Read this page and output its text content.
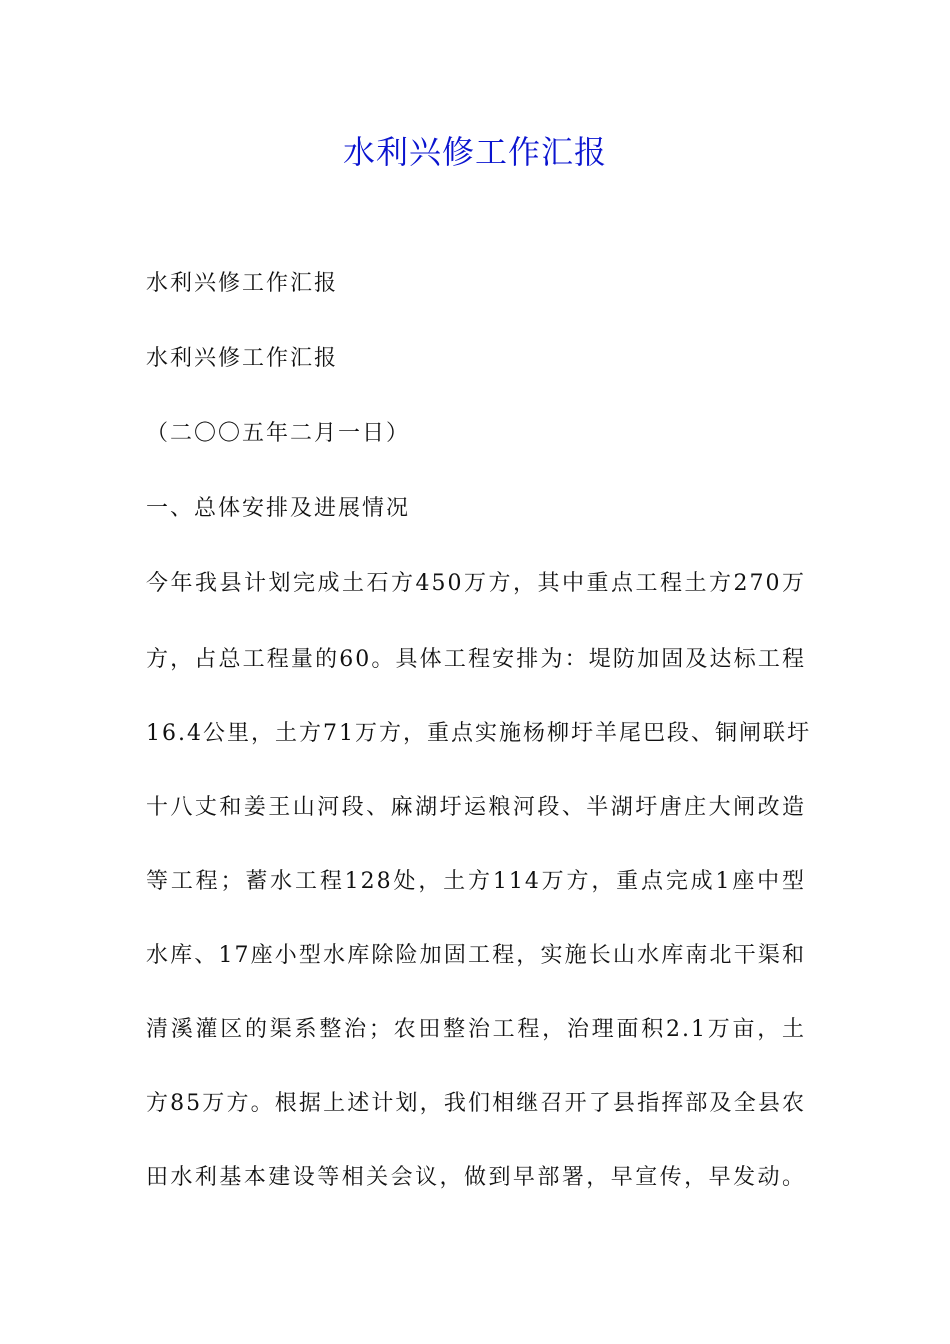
水利兴修工作汇报
水利兴修工作汇报
水利兴修工作汇报
（二〇〇五年二月一日）
一、总体安排及进展情况
今年我县计划完成土石方450万方，其中重点工程土方270万
方，占总工程量的60。具体工程安排为：堤防加固及达标工程
16.4公里，土方71万方，重点实施杨柳圩羊尾巴段、铜闸联圩
十八丈和姜王山河段、麻湖圩运粮河段、半湖圩唐庄大闸改造
等工程；蓄水工程128处，土方114万方，重点完成1座中型
水库、17座小型水库除险加固工程，实施长山水库南北干渠和
清溪灌区的渠系整治；农田整治工程，治理面积2.1万亩，土
方85万方。根据上述计划，我们相继召开了县指挥部及全县农
田水利基本建设等相关会议，做到早部署，早宣传，早发动。
